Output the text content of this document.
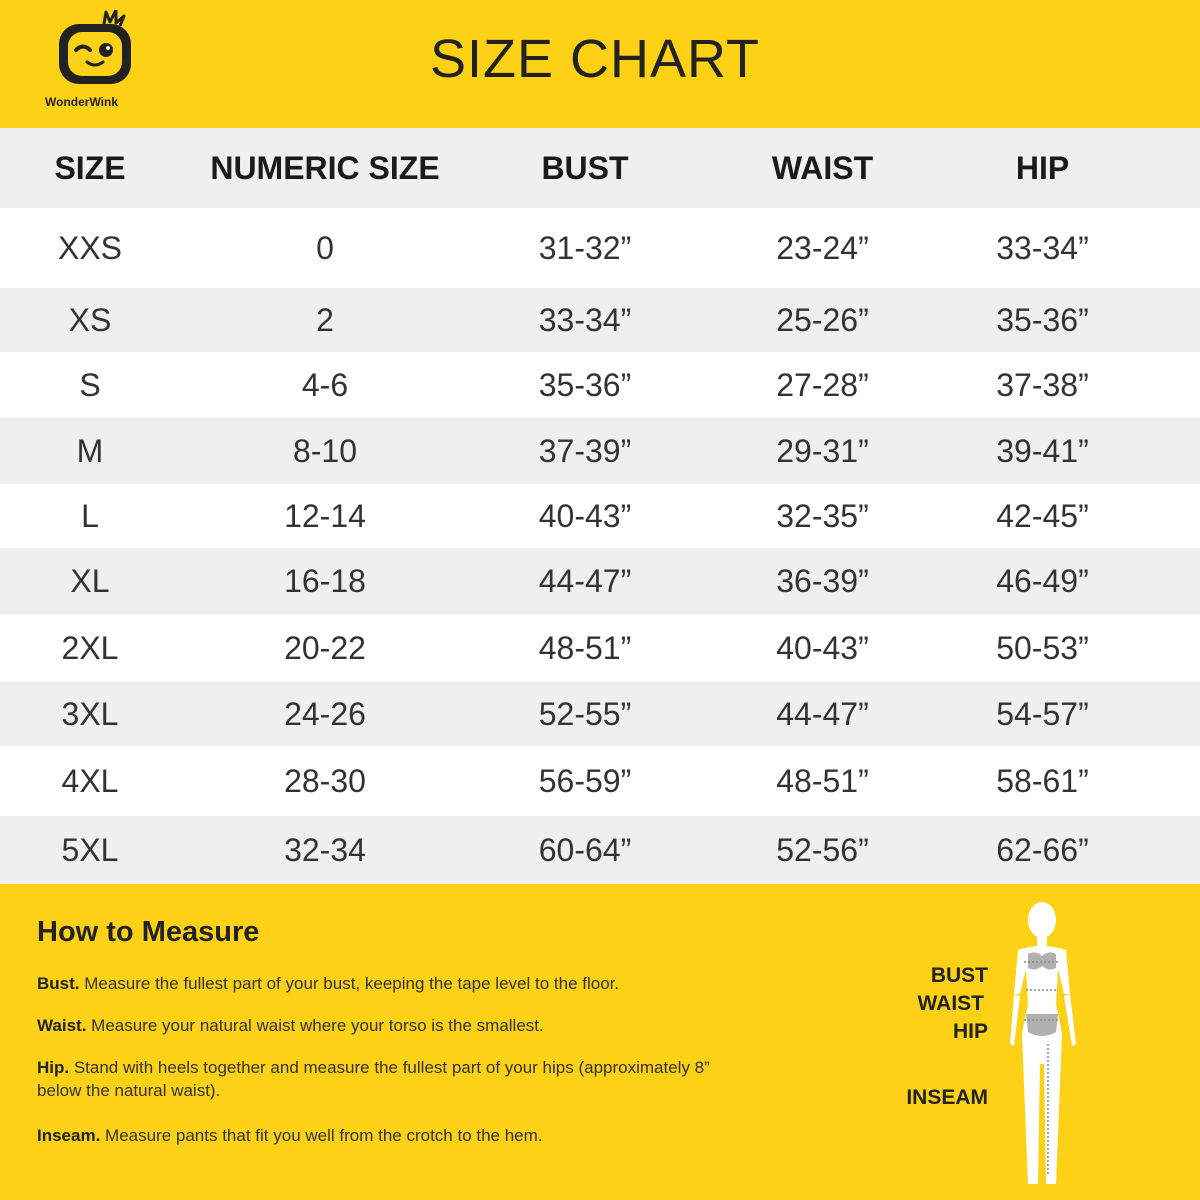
WonderWink
SIZE CHART
SIZE	NUMERIC SIZE	BUST	WAIST	HIP
XXS	0	31-32”	23-24”	33-34”
XS	2	33-34”	25-26”	35-36”
S	4-6	35-36”	27-28”	37-38”
M	8-10	37-39”	29-31”	39-41”
L	12-14	40-43”	32-35”	42-45”
XL	16-18	44-47”	36-39”	46-49”
2XL	20-22	48-51”	40-43”	50-53”
3XL	24-26	52-55”	44-47”	54-57”
4XL	28-30	56-59”	48-51”	58-61”
5XL	32-34	60-64”	52-56”	62-66”
How to Measure
Bust. Measure the fullest part of your bust, keeping the tape level to the floor.
Waist. Measure your natural waist where your torso is the smallest.
Hip. Stand with heels together and measure the fullest part of your hips (approximately 8” below the natural waist).
Inseam. Measure pants that fit you well from the crotch to the hem.
BUST
WAIST
HIP
INSEAM
